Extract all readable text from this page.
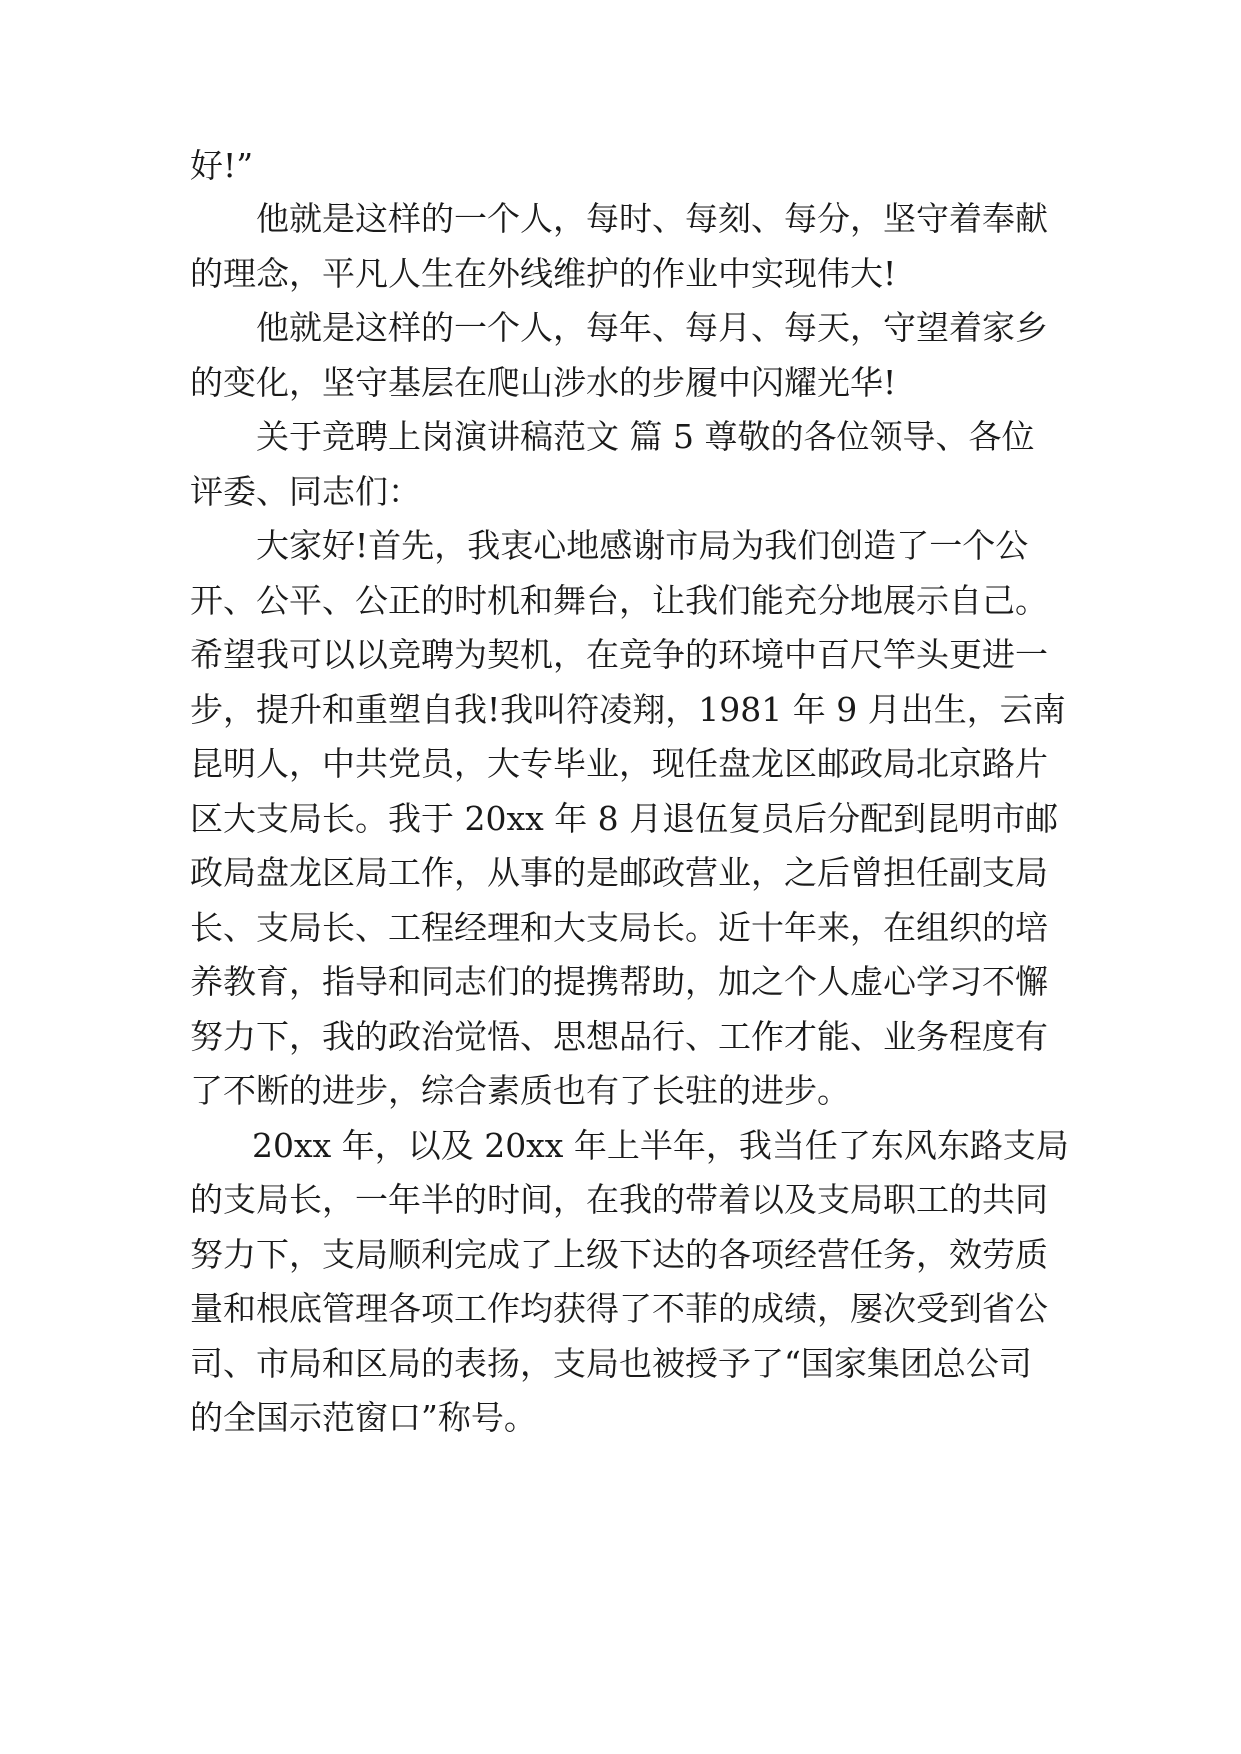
好!”

他就是这样的一个人，每时、每刻、每分，坚守着奉献

的理念，平凡人生在外线维护的作业中实现伟大!

他就是这样的一个人，每年、每月、每天，守望着家乡

的变化，坚守基层在爬山涉水的步履中闪耀光华!

关于竞聘上岗演讲稿范文 篇 5 尊敬的各位领导、各位

评委、同志们：

大家好!首先，我衷心地感谢市局为我们创造了一个公

开、公平、公正的时机和舞台，让我们能充分地展示自己。

希望我可以以竞聘为契机，在竞争的环境中百尺竿头更进一

步，提升和重塑自我!我叫符凌翔，1981 年 9 月出生，云南

昆明人，中共党员，大专毕业，现任盘龙区邮政局北京路片

区大支局长。我于 20xx 年 8 月退伍复员后分配到昆明市邮

政局盘龙区局工作，从事的是邮政营业，之后曾担任副支局

长、支局长、工程经理和大支局长。近十年来，在组织的培

养教育，指导和同志们的提携帮助，加之个人虚心学习不懈

努力下，我的政治觉悟、思想品行、工作才能、业务程度有

了不断的进步，综合素质也有了长驻的进步。

20xx 年，以及 20xx 年上半年，我当任了东风东路支局

的支局长，一年半的时间，在我的带着以及支局职工的共同

努力下，支局顺利完成了上级下达的各项经营任务，效劳质

量和根底管理各项工作均获得了不菲的成绩，屡次受到省公

司、市局和区局的表扬，支局也被授予了“国家集团总公司

的全国示范窗口”称号。
